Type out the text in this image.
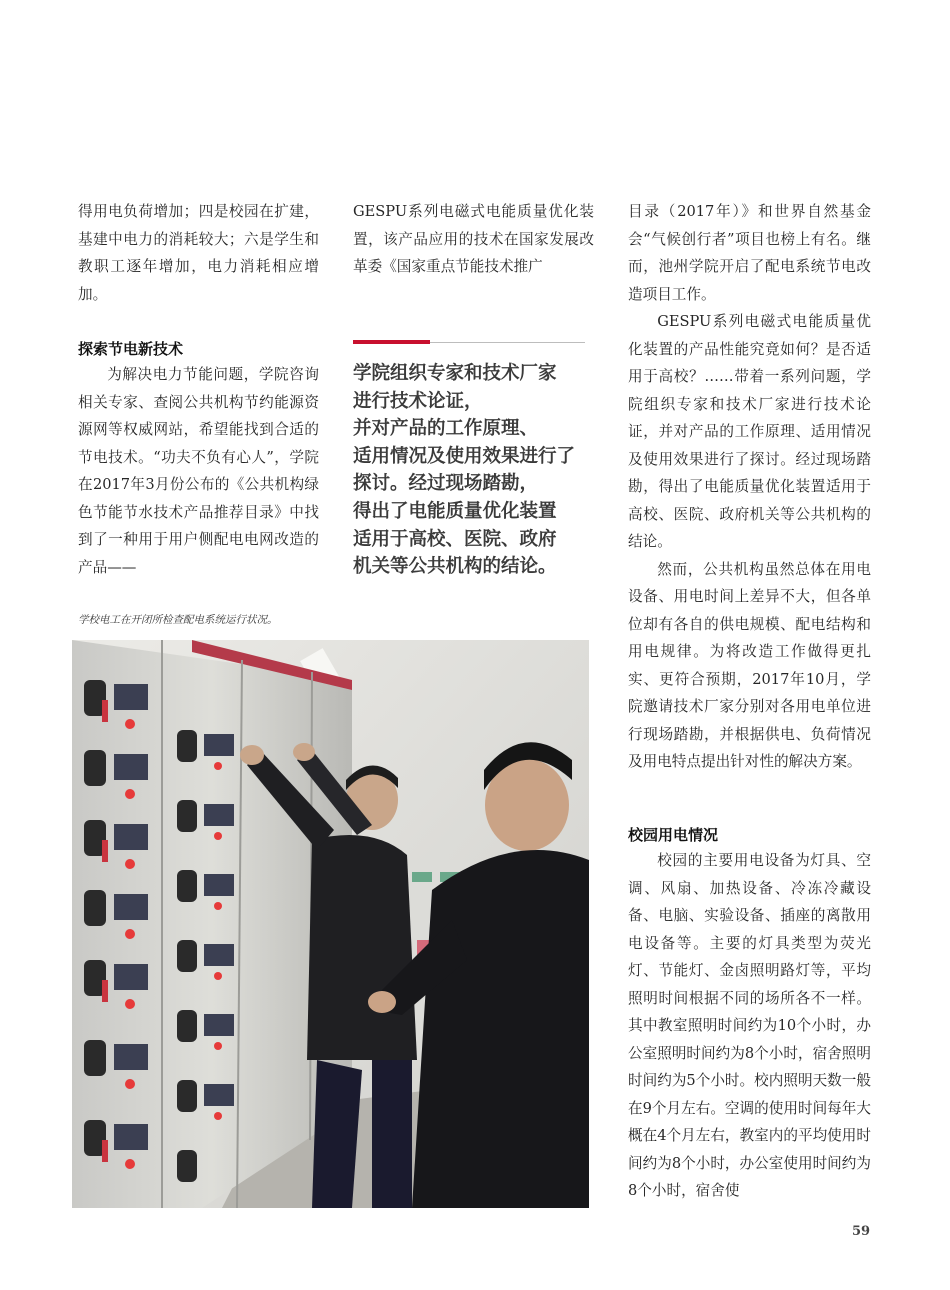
得用电负荷增加；四是校园在扩建，基建中电力的消耗较大；六是学生和教职工逐年增加，电力消耗相应增加。

探索节电新技术

为解决电力节能问题，学院咨询相关专家、查阅公共机构节约能源资源网等权威网站，希望能找到合适的节电技术。“功夫不负有心人”，学院在2017年3月份公布的《公共机构绿色节能节水技术产品推荐目录》中找到了一种用于用户侧配电电网改造的产品——

GESPU系列电磁式电能质量优化装置，该产品应用的技术在国家发展改革委《国家重点节能技术推广

学院组织专家和技术厂家
进行技术论证，
并对产品的工作原理、
适用情况及使用效果进行了
探讨。经过现场踏勘，
得出了电能质量优化装置
适用于高校、医院、政府
机关等公共机构的结论。
学校电工在开闭所检查配电系统运行状况。

目录（2017年）》和世界自然基金会“气候创行者”项目也榜上有名。继而，池州学院开启了配电系统节电改造项目工作。

GESPU系列电磁式电能质量优化装置的产品性能究竟如何？是否适用于高校？……带着一系列问题，学院组织专家和技术厂家进行技术论证，并对产品的工作原理、适用情况及使用效果进行了探讨。经过现场踏勘，得出了电能质量优化装置适用于高校、医院、政府机关等公共机构的结论。

然而，公共机构虽然总体在用电设备、用电时间上差异不大，但各单位却有各自的供电规模、配电结构和用电规律。为将改造工作做得更扎实、更符合预期，2017年10月，学院邀请技术厂家分别对各用电单位进行现场踏勘，并根据供电、负荷情况及用电特点提出针对性的解决方案。

校园用电情况

校园的主要用电设备为灯具、空调、风扇、加热设备、冷冻冷藏设备、电脑、实验设备、插座的离散用电设备等。主要的灯具类型为荧光灯、节能灯、金卤照明路灯等，平均照明时间根据不同的场所各不一样。其中教室照明时间约为10个小时，办公室照明时间约为8个小时，宿舍照明时间约为5个小时。校内照明天数一般在9个月左右。空调的使用时间每年大概在4个月左右，教室内的平均使用时间约为8个小时，办公室使用时间约为8个小时，宿舍使

59
